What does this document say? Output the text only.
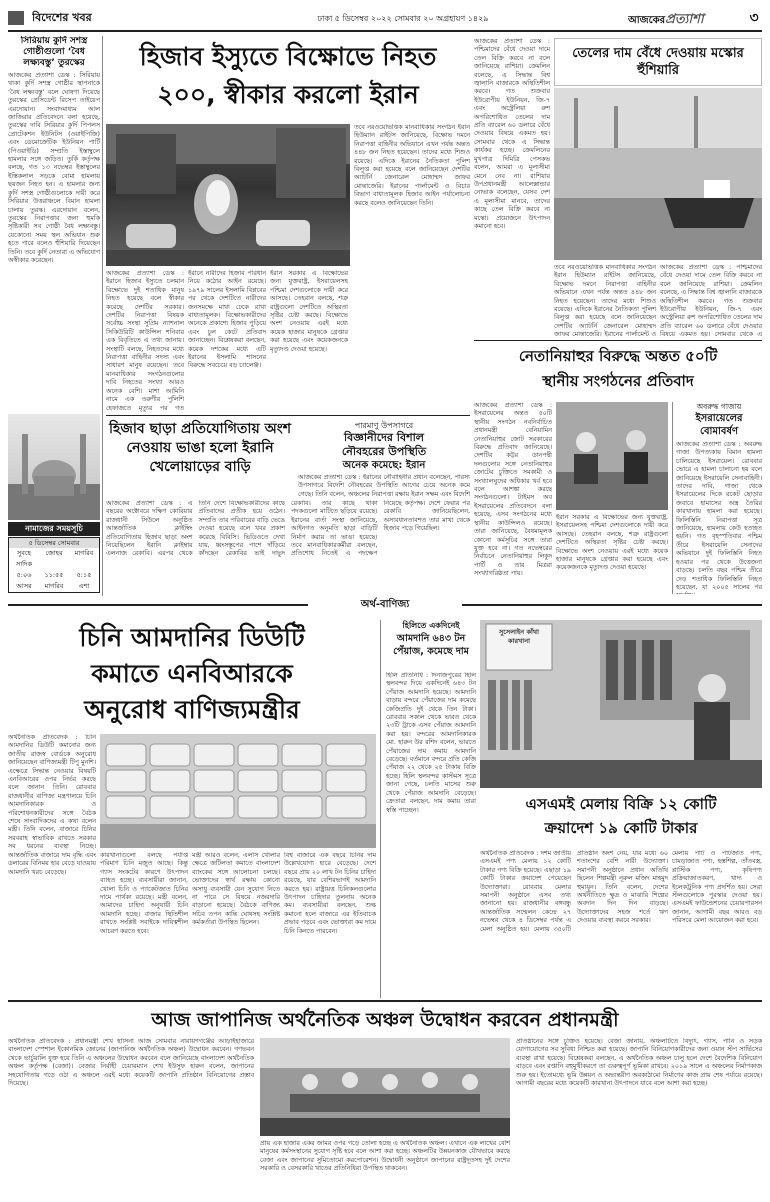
বিদেশের খবর	ঢাকা ৫ ডিসেম্বর ২০২২ সোমবার ২০ অগ্রহায়ণ ১৪২৯	আজকেরপ্রত্যাশা	৩
সিরিয়ায় কুর্দি সশস্ত্র গোষ্ঠীগুলো ‘বৈধ লক্ষ্যবস্তু’ তুরস্কের
আজকের প্রত্যাশা ডেস্ক : সিরিয়ায় থাকা কুর্দি সশস্ত্র গোষ্ঠীর স্থাপনাকে ‘বৈধ লক্ষ্যবস্তু’ বলে ঘোষণা দিয়েছে তুরস্কের প্রেসিডেন্ট রিসেপ তাইয়েপ এরদোয়ান। সংবাদমাধ্যম আল জাজিরার প্রতিবেদনে বলা হয়েছে, তুরস্কের দাবি সিরিয়ার কুর্দি পিপলস প্রোটেকশন ইউনিটস (ওয়াইপিজি) এবং ডেমোক্রেটিক ইউনিয়ন পার্টি (পিওয়াইডি) সম্প্রতি ইস্তাম্বুলে হামলার সঙ্গে জড়িত। তুর্কি কর্তৃপক্ষ বলছে, গত ১৩ নভেম্বর ইস্তাম্বুলের ইস্তিকলাল সড়কে বোমা হামলায় ছয়জন নিহত হন। এ হামলার জন্য কুর্দি সশস্ত্র গোষ্ঠীগুলোকে দায়ী করে সিরিয়ার উত্তরাঞ্চলে বিমান হামলা চালায় তুরস্ক। এরদোয়ান বলেন, তুরস্কের নিরাপত্তার জন্য হুমকি সৃষ্টিকারী সব গোষ্ঠী বৈধ লক্ষ্যবস্তু। যেকোনো সময় স্থল অভিযান শুরু হতে পারে বলেও হুঁশিয়ারি দিয়েছেন তিনি। তবে কুর্দি নেতারা এ অভিযোগ অস্বীকার করেছেন।
নামাজের সময়সূচি
৫ ডিসেম্বর সোমবার
সুবহে সাদিক
জোহর	মাগরিব
৫:০৬	১১:৫৫	৫:১৫
আসর	মাগরিব	এশা
হিজাব ইস্যুতে বিক্ষোভে নিহত
২০০, স্বীকার করলো ইরান
আজকের প্রত্যাশা ডেস্ক : ইরানে হিজাব ইস্যুতে চলমান বিক্ষোভে দুই শতাধিক মানুষ নিহত হয়েছে বলে স্বীকার করেছে দেশটির সরকার। দেশটির নিরাপত্তা বিষয়ক সর্বোচ্চ সংস্থা সুপ্রিম ন্যাশনাল সিকিউরিটি কাউন্সিল শনিবার এক বিবৃতিতে এ তথ্য জানায়। সংস্থাটি বলছে, নিহতদের মধ্যে নিরাপত্তা বাহিনীর সদস্য এবং সাধারণ মানুষ রয়েছেন। তবে মানবাধিকার সংগঠনগুলোর দাবি নিহতের সংখ্যা আরও অনেক বেশি। মাশা আমিনি নামে এক তরুণীর পুলিশি হেফাজতে মৃত্যুর পর গত
ইরানে নারীদের হিজাব পরিধান নিয়ে কঠোর আইন রয়েছে। ১৯৭৯ সালের ইসলামি বিপ্লবের পর থেকে দেশটিতে নারীদের জনসমক্ষে মাথা ঢেকে রাখা বাধ্যতামূলক। বিক্ষোভকারীদের অনেকে প্রকাশ্যে হিজাব পুড়িয়ে এবং চুল কেটে প্রতিবাদ জানাচ্ছেন। বিশ্লেষকরা বলছেন, কয়েক দশকের মধ্যে এটি ইরানের ইসলামি শাসনের বিরুদ্ধে সবচেয়ে বড় চ্যালেঞ্জ।
ইরান সরকার এ বিক্ষোভের জন্য যুক্তরাষ্ট্র, ইসরায়েলসহ পশ্চিমা দেশগুলোকে দায়ী করে আসছে। তেহরান বলছে, শত্রু রাষ্ট্রগুলো দেশটিতে অস্থিরতা সৃষ্টির চেষ্টা করছে। বিক্ষোভে অংশ নেওয়ায় এরই মধ্যে কয়েক হাজার মানুষকে গ্রেপ্তার করা হয়েছে এবং কয়েকজনকে মৃত্যুদণ্ড দেওয়া হয়েছে।
তবে নরওয়েভিত্তিক মানবাধিকার সংগঠন ইরান হিউম্যান রাইটস জানিয়েছে, বিক্ষোভ দমনে নিরাপত্তা বাহিনীর অভিযানে এখন পর্যন্ত অন্তত ৪৪৮ জন নিহত হয়েছেন। তাদের মধ্যে শিশুও রয়েছে। এদিকে ইরানের নৈতিকতা পুলিশ বিলুপ্ত করা হয়েছে বলে জানিয়েছেন দেশটির অ্যাটর্নি জেনারেল মোহাম্মদ জাফর মোন্তাজেরি। ইরানের পার্লামেন্ট ও বিচার বিভাগ বাধ্যতামূলক হিজাব আইন পর্যালোচনা করছে বলেও জানিয়েছেন তিনি।
আজকের প্রত্যাশা ডেস্ক : পশ্চিমাদের বেঁধে দেওয়া দামে তেল বিক্রি করবে না বলে জানিয়েছে রাশিয়া। ক্রেমলিন বলেছে, এ সিদ্ধান্ত বিশ্ব জ্বালানি বাজারকে অস্থিতিশীল করবে। গত শুক্রবার ইউরোপীয় ইউনিয়ন, জি-৭ এবং অস্ট্রেলিয়া রুশ অপরিশোধিত তেলের দাম প্রতি ব্যারেল ৬০ ডলারে বেঁধে দেওয়ার বিষয়ে একমত হয়। সোমবার থেকে এ সিদ্ধান্ত কার্যকর হচ্ছে। ক্রেমলিনের মুখপাত্র দিমিত্রি পেসকভ বলেন, আমরা এ মূল্যসীমা মেনে নেব না। রাশিয়ার উপপ্রধানমন্ত্রী আলেক্সান্ডার নোভাক বলেছেন, যেসব দেশ এ মূল্যসীমা মানবে, তাদের কাছে তেল বিক্রি করবে না মস্কো। প্রয়োজনে উৎপাদন কমানো হবে।
তেলের দাম বেঁধে দেওয়ায় মস্কোর হুঁশিয়ারি
তবে নরওয়েভিত্তিক মানবাধিকার সংগঠন ইরান হিউম্যান রাইটস জানিয়েছে, বিক্ষোভ দমনে নিরাপত্তা বাহিনীর অভিযানে এখন পর্যন্ত অন্তত ৪৪৮ জন নিহত হয়েছেন। তাদের মধ্যে শিশুও রয়েছে। এদিকে ইরানের নৈতিকতা পুলিশ বিলুপ্ত করা হয়েছে বলে জানিয়েছেন দেশটির অ্যাটর্নি জেনারেল মোহাম্মদ জাফর মোন্তাজেরি। ইরানের পার্লামেন্ট ও
আজকের প্রত্যাশা ডেস্ক : পশ্চিমাদের বেঁধে দেওয়া দামে তেল বিক্রি করবে না বলে জানিয়েছে রাশিয়া। ক্রেমলিন বলেছে, এ সিদ্ধান্ত বিশ্ব জ্বালানি বাজারকে অস্থিতিশীল করবে। গত শুক্রবার ইউরোপীয় ইউনিয়ন, জি-৭ এবং অস্ট্রেলিয়া রুশ অপরিশোধিত তেলের দাম প্রতি ব্যারেল ৬০ ডলারে বেঁধে দেওয়ার বিষয়ে একমত হয়। সোমবার থেকে এ
হিজাব ছাড়া প্রতিযোগিতায় অংশ নেওয়ায় ভাঙা হলো ইরানি খেলোয়াড়ের বাড়ি
আজকের প্রত্যাশা ডেস্ক : এ বছরের অক্টোবরে দক্ষিণ কোরিয়ার রাজধানী সিউলে অনুষ্ঠিত আন্তর্জাতিক ক্লাইম্বিং প্রতিযোগিতায় হিজাব ছাড়া অংশ নিয়েছিলেন ইরানি ক্লাইম্বার এলনাজ রেকাবি। এরপর থেকে তিনি দেশে বিক্ষোভকারীদের কাছে প্রতিবাদের প্রতীক হয়ে ওঠেন। সম্প্রতি তার পরিবারের বাড়ি ভেঙে দেওয়া হয়েছে বলে খবর প্রকাশ করেছে বিবিসি। ভিডিওতে দেখা যায়, ধ্বংসস্তূপের পাশে দাঁড়িয়ে কাঁদছেন রেকাবির ভাই দাভুদ রেকাবি। তার কাছে থাকা পদকগুলো মাটিতে ছড়িয়ে রয়েছে। ইরানের বার্তা সংস্থা জানিয়েছে, আইনগত অনুমতি ছাড়া বাড়িটি নির্মাণ করায় তা ভাঙা হয়েছে। তবে মানবাধিকারকর্মীরা বলছেন, প্রতিশোধ নিতেই এ পদক্ষেপ নিয়েছে কর্তৃপক্ষ। দেশে ফেরার পর রেকাবি জানিয়েছিলেন, অসাবধানতাবশত তার মাথা থেকে হিজাব পড়ে গিয়েছিল।
পারমাণু উপসাগরে
বিজ্ঞানীদের বিশাল
নৌবহরের উপস্থিতি
অনেক কমেছে: ইরান
আজকের প্রত্যাশা ডেস্ক : ইরানের নৌবাহিনীর প্রধান বলেছেন, পারস্য উপসাগরে বিদেশি নৌবহরের উপস্থিতি আগের চেয়ে অনেক কমে গেছে। তিনি বলেন, অঞ্চলের নিরাপত্তা রক্ষায় ইরান সক্ষম এবং বিদেশি
নেতানিয়াহুর বিরুদ্ধে অন্তত ৫০টি
স্থানীয় সংগঠনের প্রতিবাদ
আজকের প্রত্যাশা ডেস্ক : ইসরায়েলের অন্তত ৫০টি স্থানীয় সংগঠন নবনির্বাচিত প্রধানমন্ত্রী বেনিয়ামিন নেতানিয়াহুর জোট সরকারের বিরুদ্ধে প্রতিবাদ জানিয়েছে। দেশটির কট্টর ডানপন্থী দলগুলোর সঙ্গে নেতানিয়াহুর জোটের চুক্তিতে সমকামী ও সংখ্যালঘুদের অধিকার খর্ব হবে বলে আশঙ্কা করছে সংগঠনগুলো। টাইমস অব ইসরায়েলের প্রতিবেদনে বলা হয়েছে, এসব সংগঠনের মধ্যে স্থানীয় কাউন্সিলও রয়েছে। তারা জানিয়েছে, বৈষম্যমূলক কোনো কর্মসূচির সঙ্গে তারা যুক্ত হবে না। গত নভেম্বরের নির্বাচনে নেতানিয়াহুর লিকুদ পার্টি ও তার মিত্ররা সংখ্যাগরিষ্ঠতা পায়।
ইরান সরকার এ বিক্ষোভের জন্য যুক্তরাষ্ট্র, ইসরায়েলসহ পশ্চিমা দেশগুলোকে দায়ী করে আসছে। তেহরান বলছে, শত্রু রাষ্ট্রগুলো দেশটিতে অস্থিরতা সৃষ্টির চেষ্টা করছে। বিক্ষোভে অংশ নেওয়ায় এরই মধ্যে কয়েক হাজার মানুষকে গ্রেপ্তার করা হয়েছে এবং কয়েকজনকে মৃত্যুদণ্ড দেওয়া হয়েছে।
অবরুদ্ধ গাজায়
ইসরায়েলের বোমাবর্ষণ
আজকের প্রত্যাশা ডেস্ক : অবরুদ্ধ গাজা উপত্যকায় বিমান হামলা চালিয়েছে ইসরায়েল। রোববার ভোরে এ হামলা চালানো হয় বলে জানিয়েছে ইসরায়েলি সেনাবাহিনী। তাদের দাবি, গাজা থেকে ইসরায়েলের দিকে রকেট ছোড়ার জবাবে হামাসের অস্ত্র তৈরির কারখানায় হামলা করা হয়েছে। ফিলিস্তিনি নিরাপত্তা সূত্র জানিয়েছে, হামলায় কেউ হতাহত হয়নি। গত বৃহস্পতিবার পশ্চিম তীরে ইসরায়েলি সেনাদের অভিযানে দুই ফিলিস্তিনি নিহত হওয়ার পর থেকে উত্তেজনা বাড়ছে। চলতি বছর পশ্চিম তীরে দেড় শতাধিক ফিলিস্তিনি নিহত হয়েছেন, যা ২০০৫ সালের পর
অর্থ-বাণিজ্য
চিনি আমদানির ডিউটি
কমাতে এনবিআরকে
অনুরোধ বাণিজ্যমন্ত্রীর
অর্থনৈতিক প্রতিবেদক : চিনি আমদানির ডিউটি কমানোর জন্য জাতীয় রাজস্ব বোর্ডকে অনুরোধ জানিয়েছেন বাণিজ্যমন্ত্রী টিপু মুনশি। এক্ষেত্রে সিদ্ধান্ত নেওয়ার বিষয়টি এনবিআরের ওপর নির্ভর করছে বলে জানান তিনি। রোববার রাজধানীর বাণিজ্য মন্ত্রণালয়ে চিনি আমদানিকারক ও পরিশোধনকারীদের সঙ্গে বৈঠক শেষে সাংবাদিকদের এ কথা বলেন মন্ত্রী। তিনি বলেন, বাজারে চিনির সরবরাহ স্বাভাবিক রাখতে সরকার সব ধরনের ব্যবস্থা নিচ্ছে। আন্তর্জাতিক বাজারে দাম বৃদ্ধি এবং ডলারের বিনিময় হার বেড়ে যাওয়ায় আমদানি খরচ বেড়েছে।
কারখানাগুলো বলছে পর্যাপ্ত পরিমাণ চিনি মজুত আছে। কিন্তু গ্যাস সংকটের কারণে উৎপাদন ব্যাহত হচ্ছে। ব্যবসায়ীরা জানান, খোলা চিনি ও প্যাকেটজাত চিনির দামে পার্থক্য রয়েছে। মন্ত্রী বলেন, আমাদের চাহিদা অনুযায়ী চিনি আমদানি হচ্ছে। বাজার স্থিতিশীল রাখতে সংশ্লিষ্ট সবাইকে দায়িত্বশীল আচরণ করতে হবে।
মন্ত্রী আরও বলেন, এলসি খোলার ক্ষেত্রে জটিলতা কমাতে বাংলাদেশ ব্যাংকের সঙ্গে আলোচনা চলছে। ভোক্তাদের স্বার্থ রক্ষায় কোনো অসাধু ব্যবসায়ী যেন সুযোগ নিতে না পারে সে বিষয়ে নজরদারি বাড়ানো হয়েছে। বৈঠকে বাণিজ্য সচিব তপন কান্তি ঘোষসহ সংশ্লিষ্ট কর্মকর্তারা উপস্থিত ছিলেন।
বিশ্ব বাজারে এক বছরে চিনির দাম উল্লেখযোগ্য হারে বেড়েছে। দেশে বছরে প্রায় ২০ লাখ টন চিনির চাহিদা রয়েছে, যার বেশিরভাগই আমদানি করতে হয়। রাষ্ট্রায়ত্ত চিনিকলগুলোর উৎপাদন চাহিদার তুলনায় অনেক কম। ব্যবসায়ীরা বলছেন, শুল্ক কমানো হলে বাজারে এর ইতিবাচক প্রভাব পড়বে এবং ভোক্তারা কম দামে চিনি কিনতে পারবেন।
হিলিতে একদিনেই
আমদানি ৬৪৩ টন
পেঁয়াজ, কমেছে দাম
হিলি প্রতিনিধি : দিনাজপুরের হিলি স্থলবন্দর দিয়ে একদিনেই ৬৪৩ টন পেঁয়াজ আমদানি হয়েছে। আমদানি বাড়ায় বন্দরে পেঁয়াজের দাম কমেছে কেজিপ্রতি দুই থেকে তিন টাকা। রোববার সকাল থেকে ভারত থেকে ২৩টি ট্রাকে এসব পেঁয়াজ আমদানি করা হয়। বন্দরের আমদানিকারক মো. হারুন উর রশিদ বলেন, ভারতে পেঁয়াজের দাম কমায় আমদানি বেড়েছে। বর্তমানে বন্দরে প্রতি কেজি পেঁয়াজ ২২ থেকে ২৫ টাকায় বিক্রি হচ্ছে। হিলি স্থলবন্দর কাস্টমস সূত্রে জানা গেছে, চলতি মাসের শুরু থেকে পেঁয়াজ আমদানি বেড়েছে। ক্রেতারা বলছেন, দাম কমায় তারা স্বস্তি পাচ্ছেন।
সুসেলাইন কাঁথা কারখানা
এসএমই মেলায় বিক্রি ১২ কোটি
ক্রয়াদেশ ১৯ কোটি টাকার
অর্থনৈতিক প্রতিবেদক : দশম জাতীয় এসএমই পণ্য মেলায় ১২ কোটি টাকার পণ্য বিক্রি হয়েছে। এছাড়া ১৯ কোটি টাকার ক্রয়াদেশ পেয়েছেন উদ্যোক্তারা। রোববার মেলার সমাপনী অনুষ্ঠানে এসব তথ্য জানানো হয়। রাজধানীর বঙ্গবন্ধু আন্তর্জাতিক সম্মেলন কেন্দ্রে ২৭ নভেম্বর থেকে ৪ ডিসেম্বর পর্যন্ত এ মেলা অনুষ্ঠিত হয়। মেলায় ৩৫০টি প্রতিষ্ঠান অংশ নেয়, যার মধ্যে ৬০ শতাংশের বেশি নারী উদ্যোক্তা। সমাপনী অনুষ্ঠানে প্রধান অতিথি ছিলেন শিল্পমন্ত্রী নূরুল মজিদ মাহমুদ হুমায়ূন। তিনি বলেন, দেশের অর্থনীতিতে ক্ষুদ্র ও মাঝারি শিল্পের অবদান দিন দিন বাড়ছে। উদ্যোক্তাদের সহজ শর্তে ঋণ দেওয়ার ব্যবস্থা করবে সরকার।
মেলায় পাট ও পাটজাত পণ্য, চামড়াজাত পণ্য, হস্তশিল্প, তাঁতবস্ত্র, প্লাস্টিক পণ্য, কৃষিপণ্য প্রক্রিয়াজাতকরণ, খাদ্য ও ইলেকট্রনিক পণ্য প্রদর্শিত হয়। সেরা স্টলগুলোকে পুরস্কার দেওয়া হয়। এসএমই ফাউন্ডেশনের চেয়ারপারসন জানান, আগামী বছর আরও বড় পরিসরে মেলা আয়োজন করা হবে।
আজ জাপানিজ অর্থনৈতিক অঞ্চল উদ্বোধন করবেন প্রধানমন্ত্রী
অর্থনৈতিক প্রতিবেদক : প্রধানমন্ত্রী শেখ হাসিনা আজ সোমবার নারায়ণগঞ্জের আড়াইহাজারে বাংলাদেশ স্পেশাল ইকোনমিক জোনের (জাপানিজ অর্থনৈতিক অঞ্চল) উদ্বোধন করবেন। গণভবন থেকে ভার্চুয়ালি যুক্ত হয়ে তিনি এ অঞ্চলের উদ্বোধন করবেন বলে জানিয়েছে বাংলাদেশ অর্থনৈতিক অঞ্চল কর্তৃপক্ষ (বেজা)। বেজার নির্বাহী চেয়ারম্যান শেখ ইউসুফ হারুন বলেন, জাপানের সহযোগিতায় গড়ে ওঠা এ অঞ্চলে এরই মধ্যে কয়েকটি জাপানি প্রতিষ্ঠান বিনিয়োগের প্রস্তাব দিয়েছে।
প্রায় এক হাজার একর জমির ওপর গড়ে তোলা হচ্ছে এ অর্থনৈতিক অঞ্চল। এখানে এক লাখের বেশি মানুষের কর্মসংস্থানের সুযোগ সৃষ্টি হবে বলে আশা করা হচ্ছে। অঞ্চলটির উন্নয়নকাজ যৌথভাবে করছে বেজা এবং জাপানের সুমিতোমো করপোরেশন। উদ্বোধনী অনুষ্ঠানে জাপানের রাষ্ট্রদূতসহ দুই দেশের সরকারি ও বেসরকারি খাতের প্রতিনিধিরা উপস্থিত থাকবেন।
প্রতিষ্ঠানের সঙ্গে চুক্তিও হয়েছে। বেজা জানায়, অঞ্চলটিতে বিদ্যুৎ, গ্যাস, পানি ও সড়ক যোগাযোগের সব সুবিধা নিশ্চিত করা হয়েছে। জাপানি বিনিয়োগকারীদের জন্য ওয়ান স্টপ সার্ভিসের ব্যবস্থা রাখা হয়েছে। বিশ্লেষকরা বলছেন, এ অর্থনৈতিক অঞ্চল চালু হলে দেশে বৈদেশিক বিনিয়োগ বাড়বে এবং রপ্তানি বহুমুখীকরণে তা গুরুত্বপূর্ণ ভূমিকা রাখবে। ২০১৯ সালে এ অঞ্চলের নির্মাণকাজ শুরু হয়। ইতোমধ্যে ভূমি উন্নয়ন ও অভ্যন্তরীণ অবকাঠামো নির্মাণের কাজ প্রায় শেষ পর্যায়ে রয়েছে। আগামী বছরের মধ্যে কয়েকটি কারখানা উৎপাদনে যাবে বলে আশা করা হচ্ছে।
